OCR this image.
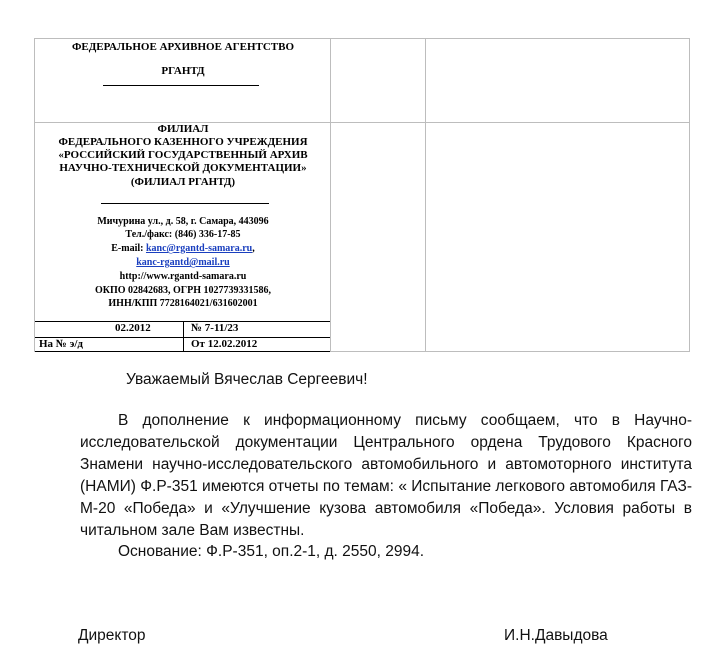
ФЕДЕРАЛЬНОЕ АРХИВНОЕ АГЕНТСТВО
РГАНТД
ФИЛИАЛ
ФЕДЕРАЛЬНОГО КАЗЕННОГО УЧРЕЖДЕНИЯ
«РОССИЙСКИЙ ГОСУДАРСТВЕННЫЙ АРХИВ
НАУЧНО-ТЕХНИЧЕСКОЙ ДОКУМЕНТАЦИИ»
(ФИЛИАЛ РГАНТД)
Мичурина ул., д. 58, г. Самара, 443096
Тел./факс: (846) 336-17-85
E-mail: kanc@rgantd-samara.ru,
kanc-rgantd@mail.ru
http://www.rgantd-samara.ru
ОКПО 02842683, ОГРН 1027739331586,
ИНН/КПП 7728164021/631602001
02.2012	№ 7-11/23
На № э/д	От 12.02.2012
Уважаемый Вячеслав Сергеевич!
В дополнение к информационному письму сообщаем, что в Научно- исследовательской документации Центрального ордена Трудового Красного Знамени научно-исследовательского автомобильного и автомоторного института (НАМИ) Ф.Р-351 имеются отчеты по темам: « Испытание легкового автомобиля ГАЗ-М-20 «Победа» и «Улучшение кузова автомобиля «Победа». Условия работы в читальном зале Вам известны.
Основание: Ф.Р-351, оп.2-1, д. 2550, 2994.
Директор	И.Н.Давыдова
